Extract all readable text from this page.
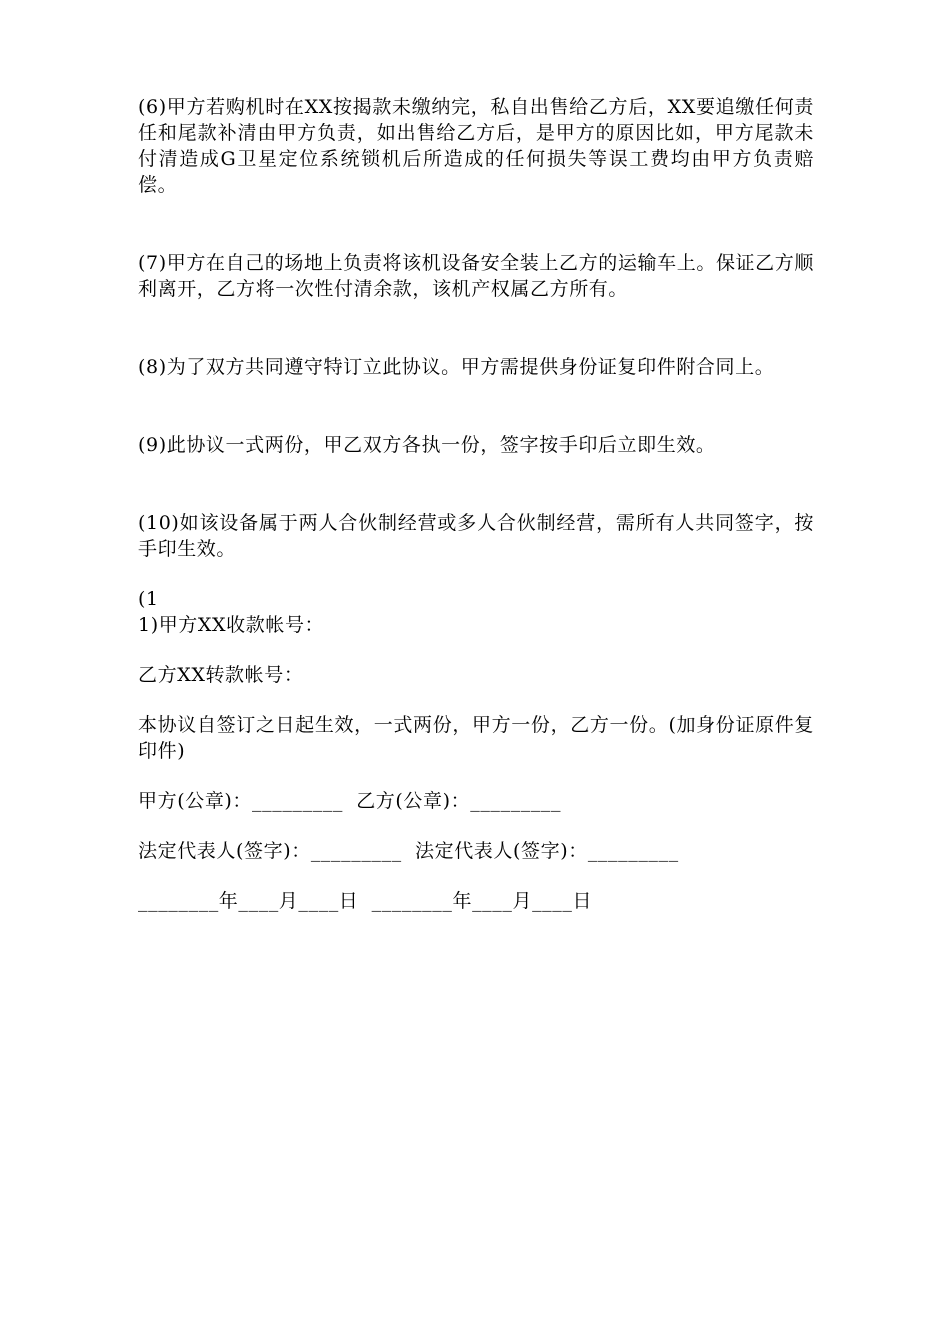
(6)甲方若购机时在XX按揭款未缴纳完，私自出售给乙方后，XX要追缴任何责任和尾款补清由甲方负责，如出售给乙方后，是甲方的原因比如，甲方尾款未付清造成G卫星定位系统锁机后所造成的任何损失等误工费均由甲方负责赔偿。

(7)甲方在自己的场地上负责将该机设备安全装上乙方的运输车上。保证乙方顺利离开，乙方将一次性付清余款，该机产权属乙方所有。

(8)为了双方共同遵守特订立此协议。甲方需提供身份证复印件附合同上。

(9)此协议一式两份，甲乙双方各执一份，签字按手印后立即生效。

(10)如该设备属于两人合伙制经营或多人合伙制经营，需所有人共同签字，按手印生效。

(1
1)甲方XX收款帐号：

乙方XX转款帐号：

本协议自签订之日起生效，一式两份，甲方一份，乙方一份。(加身份证原件复印件)

甲方(公章)：_________  乙方(公章)：_________

法定代表人(签字)：_________  法定代表人(签字)：_________

________年____月____日  ________年____月____日
